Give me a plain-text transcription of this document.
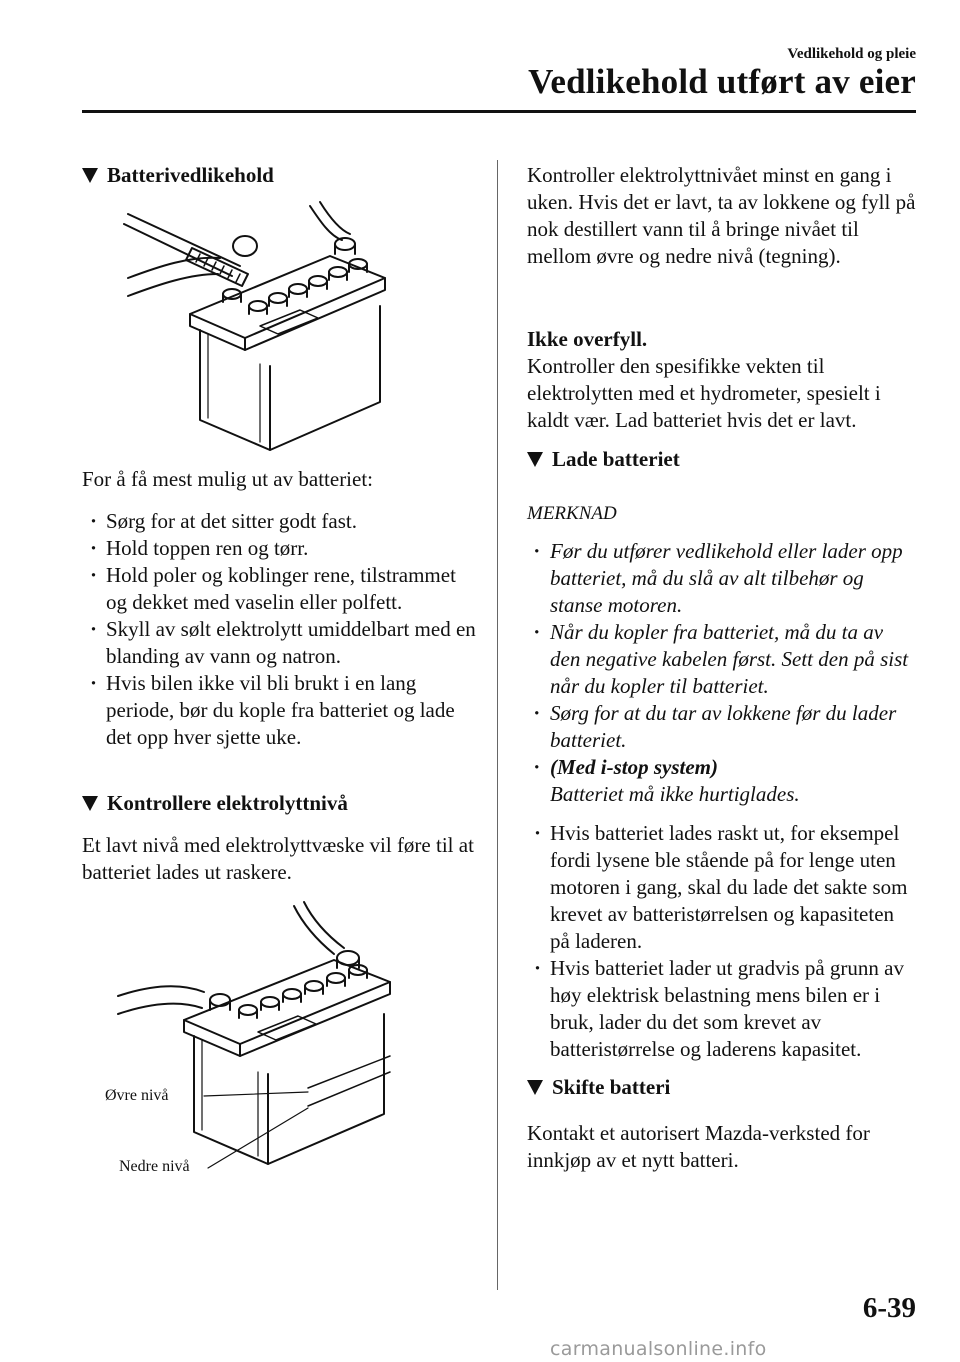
Vedlikehold og pleie
Vedlikehold utført av eier
Batterivedlikehold
For å få mest mulig ut av batteriet:
· Sørg for at det sitter godt fast.
· Hold toppen ren og tørr.
· Hold poler og koblinger rene, tilstrammet og dekket med vaselin eller polfett.
· Skyll av sølt elektrolytt umiddelbart med en blanding av vann og natron.
· Hvis bilen ikke vil bli brukt i en lang periode, bør du kople fra batteriet og lade det opp hver sjette uke.
Kontrollere elektrolyttnivå
Et lavt nivå med elektrolyttvæske vil føre til at batteriet lades ut raskere.
Øvre nivå
Nedre nivå
Kontroller elektrolyttnivået minst en gang i uken. Hvis det er lavt, ta av lokkene og fyll på nok destillert vann til å bringe nivået til mellom øvre og nedre nivå (tegning).
Ikke overfyll.
Kontroller den spesifikke vekten til elektrolytten med et hydrometer, spesielt i kaldt vær. Lad batteriet hvis det er lavt.
Lade batteriet
MERKNAD
· Før du utfører vedlikehold eller lader opp batteriet, må du slå av alt tilbehør og stanse motoren.
· Når du kopler fra batteriet, må du ta av den negative kabelen først. Sett den på sist når du kopler til batteriet.
· Sørg for at du tar av lokkene før du lader batteriet.
· (Med i-stop system)
Batteriet må ikke hurtiglades.
· Hvis batteriet lades raskt ut, for eksempel fordi lysene ble stående på for lenge uten motoren i gang, skal du lade det sakte som krevet av batteristørrelsen og kapasiteten på laderen.
· Hvis batteriet lader ut gradvis på grunn av høy elektrisk belastning mens bilen er i bruk, lader du det som krevet av batteristørrelse og laderens kapasitet.
Skifte batteri
Kontakt et autorisert Mazda-verksted for innkjøp av et nytt batteri.
6-39
carmanualsonline.info
